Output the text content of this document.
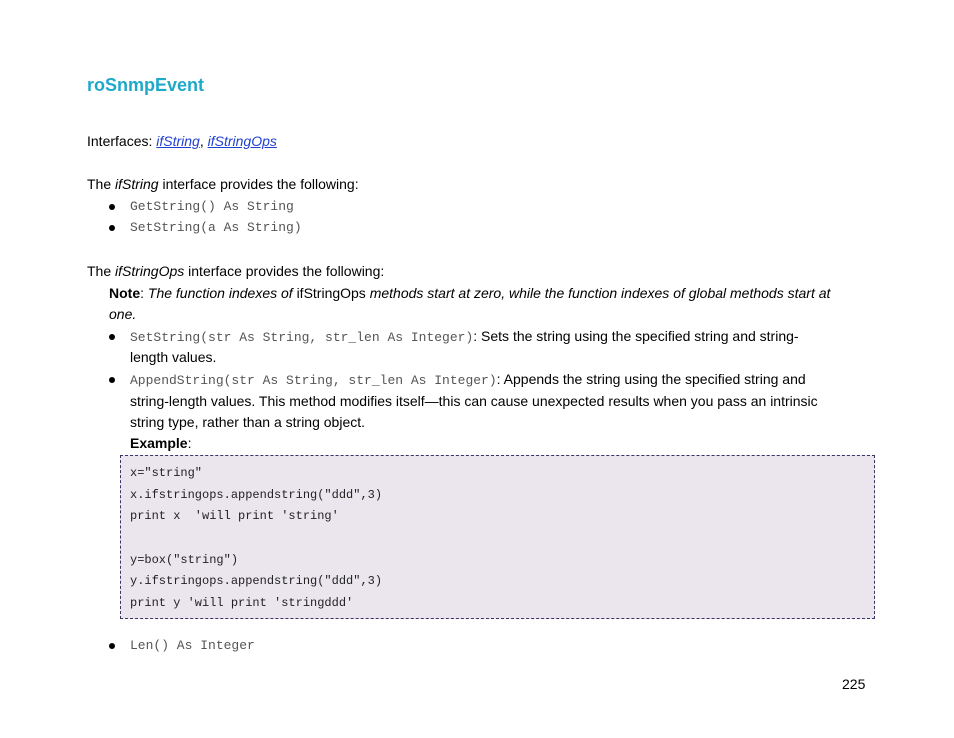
roSnmpEvent
Interfaces: ifString, ifStringOps
The ifString interface provides the following:
GetString() As String
SetString(a As String)
The ifStringOps interface provides the following:
Note: The function indexes of ifStringOps methods start at zero, while the function indexes of global methods start at
one.
SetString(str As String, str_len As Integer): Sets the string using the specified string and string-
length values.
AppendString(str As String, str_len As Integer): Appends the string using the specified string and
string-length values. This method modifies itself—this can cause unexpected results when you pass an intrinsic
string type, rather than a string object.
Example:
x="string"
x.ifstringops.appendstring("ddd",3)
print x  'will print 'string'
y=box("string")
y.ifstringops.appendstring("ddd",3)
print y 'will print 'stringddd'
Len() As Integer
225
